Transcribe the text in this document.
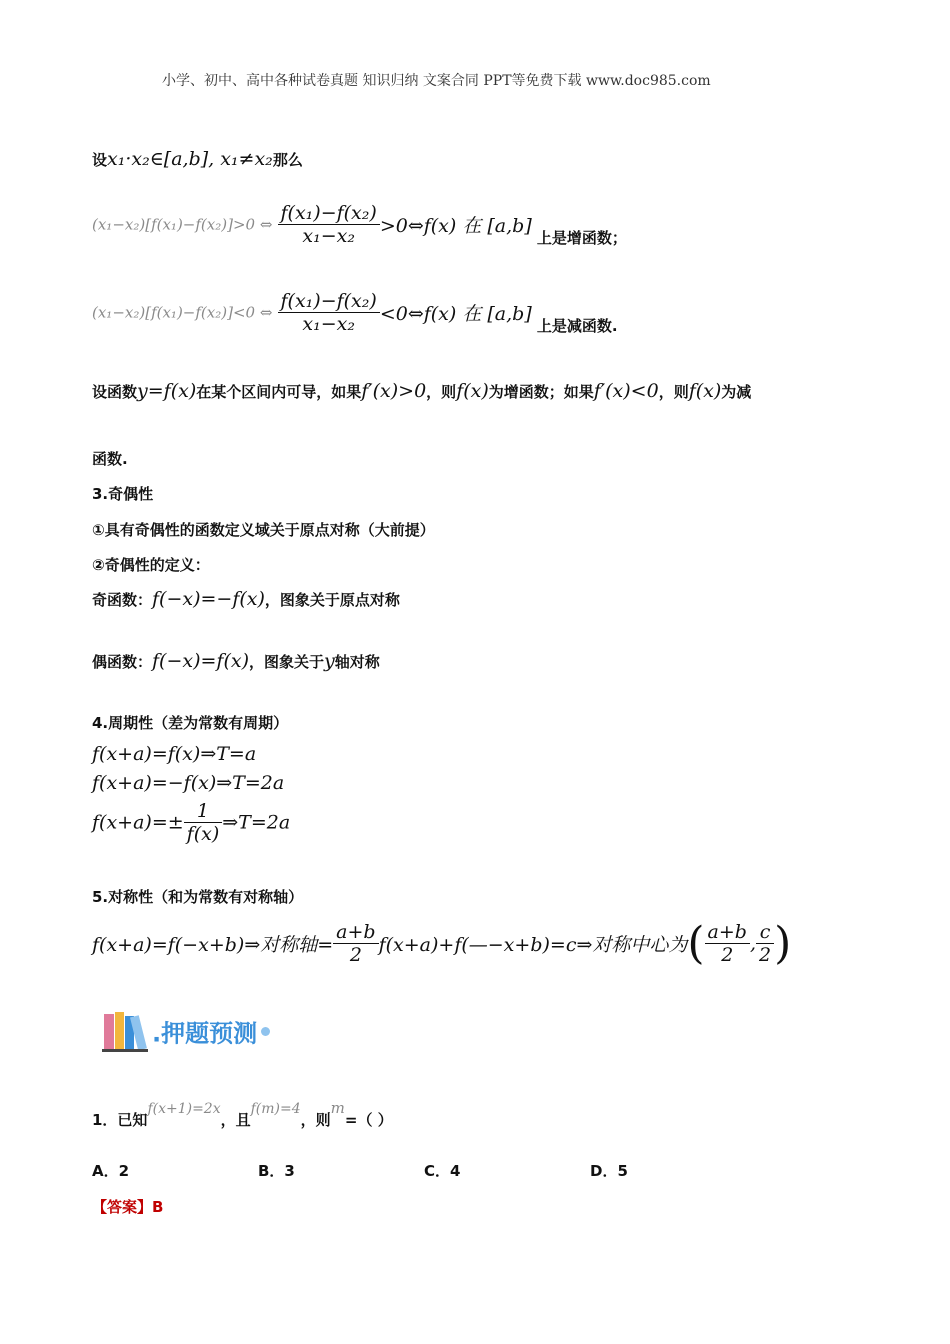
小学、初中、高中各种试卷真题 知识归纳 文案合同 PPT等免费下载 www.doc985.com
设x₁·x₂∈[a,b], x₁≠x₂那么
(x₁−x₂)[f(x₁)−f(x₂)]>0 ⇔ $\frac{\text{f(x₁)−f(x₂)}}{\text{x₁−x₂}}$ >0⇔f(x) 在 [a,b] 上是增函数；
(x₁−x₂)[f(x₁)−f(x₂)]<0 ⇔ $\frac{\text{f(x₁)−f(x₂)}}{\text{x₁−x₂}}$ <0⇔f(x) 在 [a,b] 上是减函数.
设函数y=f(x)在某个区间内可导，如果f′(x)>0，则f(x)为增函数；如果f′(x)<0，则f(x)为减
函数.
3.奇偶性
①具有奇偶性的函数定义域关于原点对称（大前提）
②奇偶性的定义：
奇函数：f(−x)=−f(x)，图象关于原点对称
偶函数：f(−x)=f(x)，图象关于y轴对称
4.周期性（差为常数有周期）
f(x+a)=f(x)⇒T=a
f(x+a)=−f(x)⇒T=2a
$f(x+a)=\pm \frac{1}{f(x)}$ ⇒T=2a
5.对称性（和为常数有对称轴）
f(x+a)=f(−x+b)⇒对称轴= $\frac{a+b}{2}$ f(x+a)+f(—−x+b)=c⇒对称中心为( $\frac{a+b}{2}$ , $\frac{c}{2}$ )
.押题预测
1．已知f(x+1)=2x，且f(m)=4，则m=（ ）
A．2	B．3	C．4	D．5
【答案】B
